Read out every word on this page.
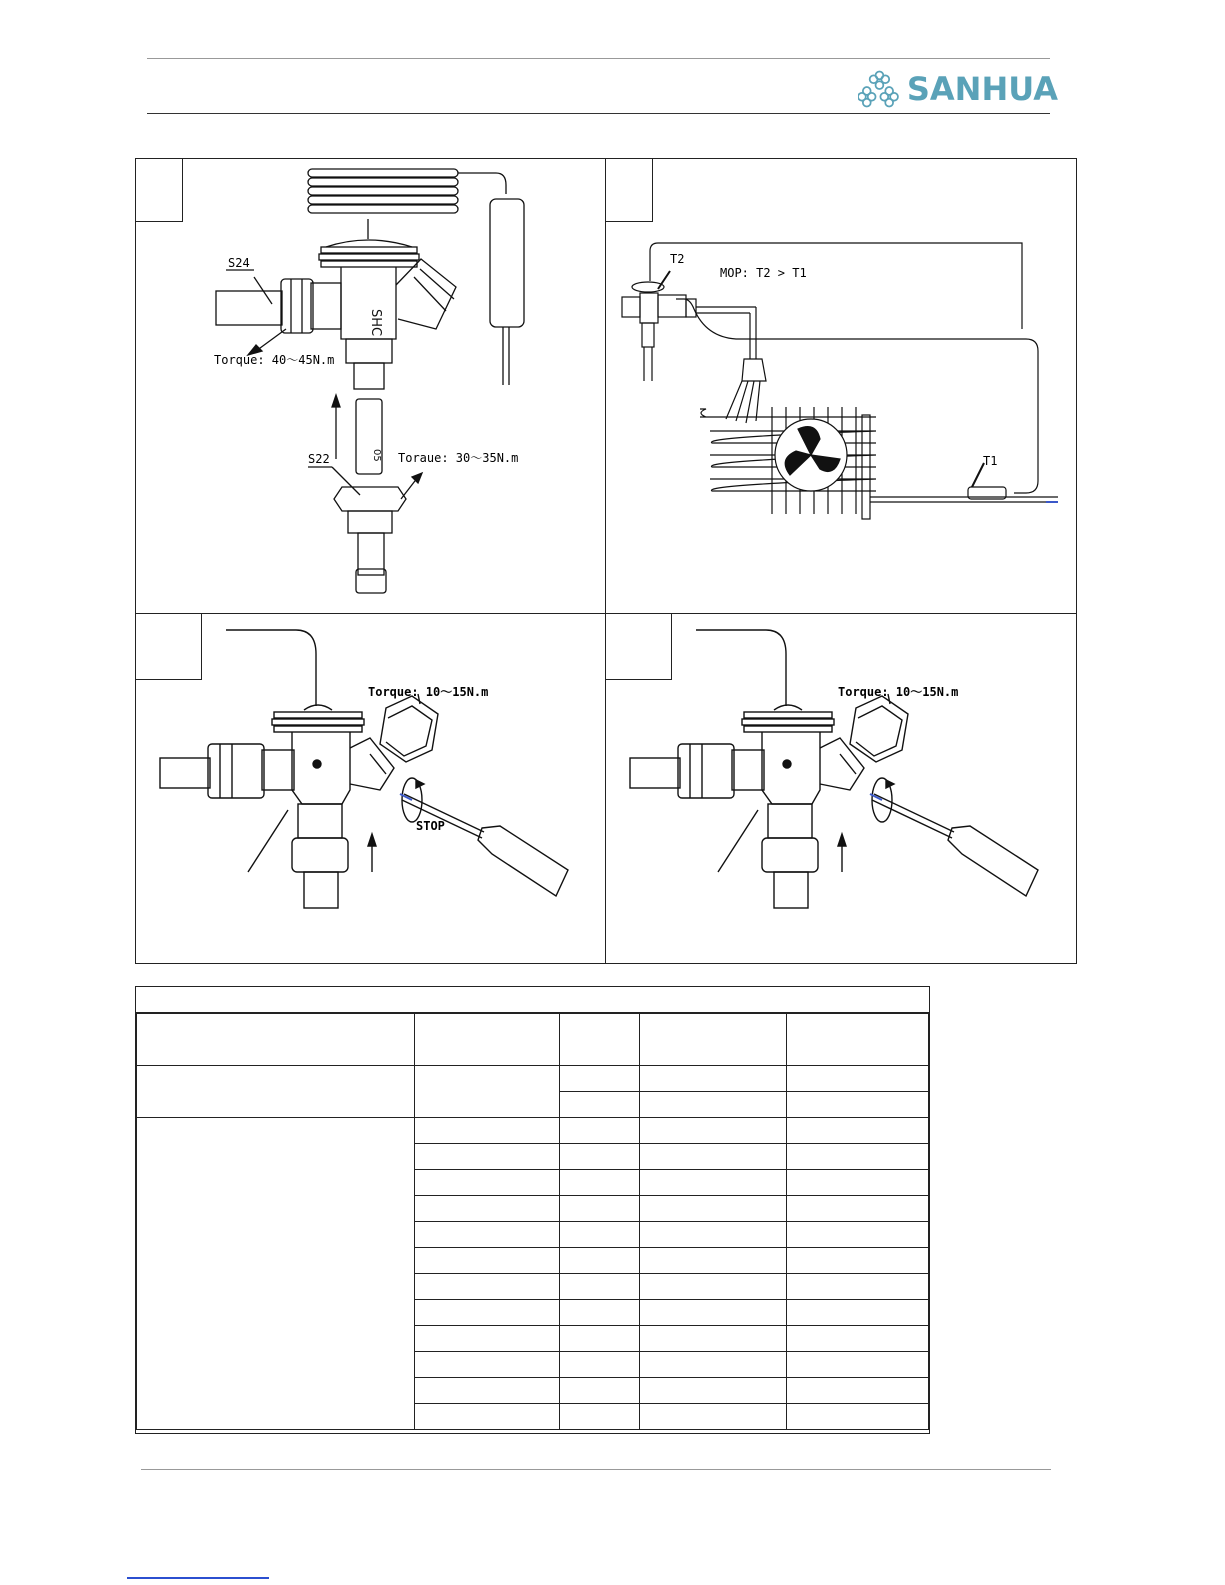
SANHUA
SHC
05
S24
Torque: 40～45N.m
S22	Toraue: 30～35N.m
T2
MOP: T2 > T1
T1
Torque: 10～15N.m
STOP
Torque: 10～15N.m
